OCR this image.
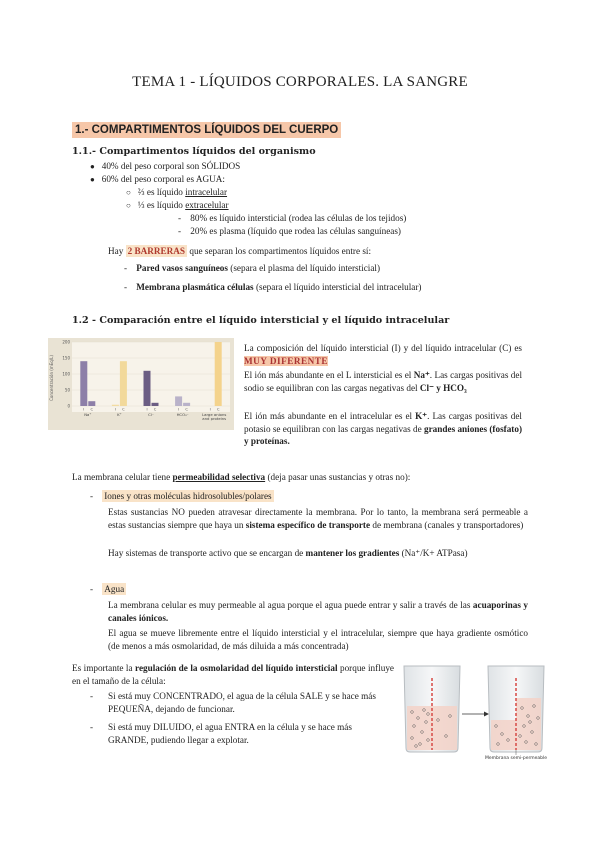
TEMA 1 - LÍQUIDOS CORPORALES. LA SANGRE
1.- COMPARTIMENTOS LÍQUIDOS DEL CUERPO
1.1.- Compartimentos líquidos del organismo
● 40% del peso corporal son SÓLIDOS
● 60% del peso corporal es AGUA:
○ ⅔ es líquido intracelular
○ ⅓ es líquido extracelular
- 80% es líquido intersticial (rodea las células de los tejidos)
- 20% es plasma (líquido que rodea las células sanguíneas)
Hay 2 BARRERAS que separan los compartimentos líquidos entre sí:
- Pared vasos sanguíneos (separa el plasma del líquido intersticial)
- Membrana plasmática células (separa el líquido intersticial del intracelular)
1.2 - Comparación entre el líquido intersticial y el líquido intracelular
Concentración (mEq/L)
200
150
100
50
0
I C	I C	I C	I C	I C
Na⁺	K⁺	Cl⁻	HCO₃⁻	Large anions
and proteins
La composición del líquido intersticial (I) y del líquido intracelular (C) es MUY DIFERENTE
El ión más abundante en el L intersticial es el Na⁺. Las cargas positivas del sodio se equilibran con las cargas negativas del Cl⁻ y HCO₃
El ión más abundante en el intracelular es el K⁺. Las cargas positivas del potasio se equilibran con las cargas negativas de grandes aniones (fosfato) y proteínas.
La membrana celular tiene permeabilidad selectiva (deja pasar unas sustancias y otras no):
- Iones y otras moléculas hidrosolubles/polares
Estas sustancias NO pueden atravesar directamente la membrana. Por lo tanto, la membrana será permeable a estas sustancias siempre que haya un sistema específico de transporte de membrana (canales y transportadores)
Hay sistemas de transporte activo que se encargan de mantener los gradientes (Na⁺/K+ ATPasa)
- Agua
La membrana celular es muy permeable al agua porque el agua puede entrar y salir a través de las acuaporinas y canales iónicos.
El agua se mueve libremente entre el líquido intersticial y el intracelular, siempre que haya gradiente osmótico (de menos a más osmolaridad, de más diluida a más concentrada)
Es importante la regulación de la osmolaridad del líquido intersticial porque influye en el tamaño de la célula:
- Si está muy CONCENTRADO, el agua de la célula SALE y se hace más PEQUEÑA, dejando de funcionar.
- Si está muy DILUIDO, el agua ENTRA en la célula y se hace más GRANDE, pudiendo llegar a explotar.
Membrana semi-permeable
